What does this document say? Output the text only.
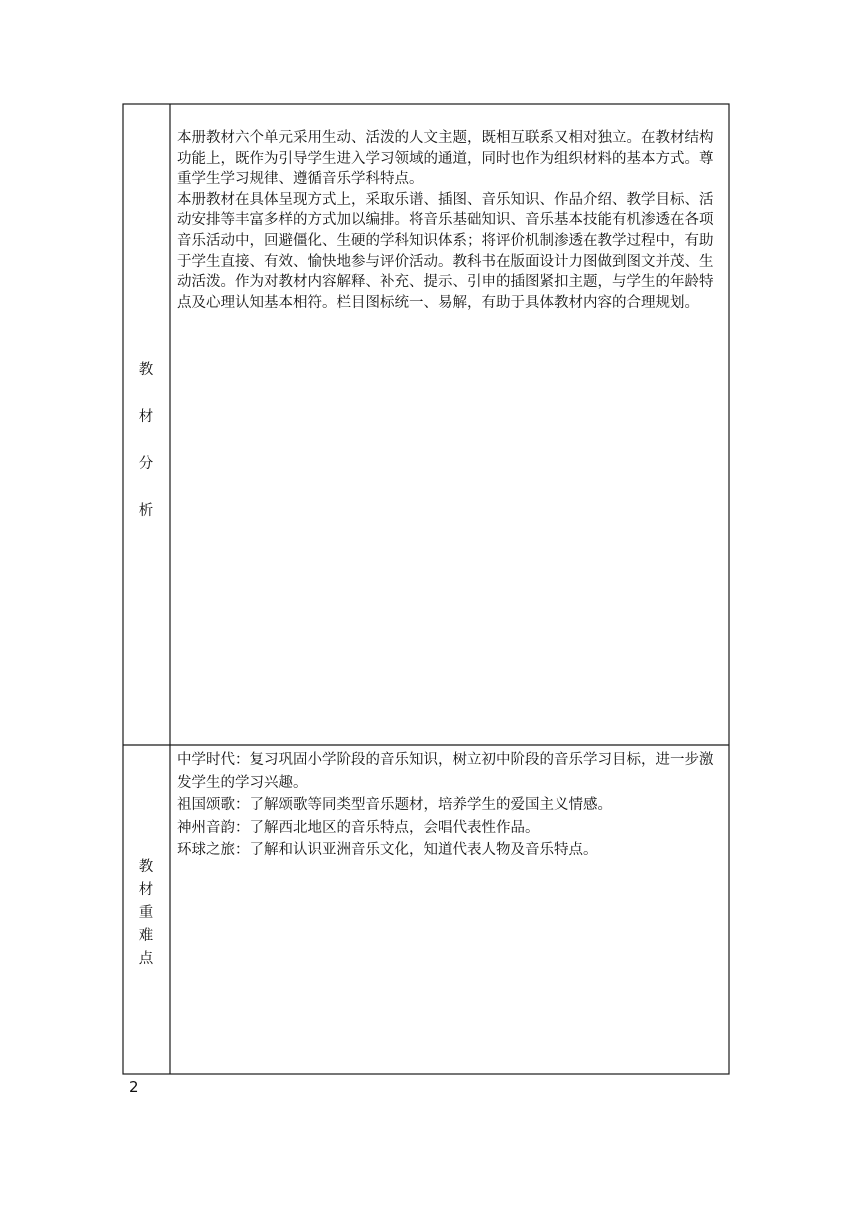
教
材
分
析

本册教材六个单元采用生动、活泼的人文主题，既相互联系又相对独立。在教材结构功能上，既作为引导学生进入学习领域的通道，同时也作为组织材料的基本方式。尊重学生学习规律、遵循音乐学科特点。

本册教材在具体呈现方式上，采取乐谱、插图、音乐知识、作品介绍、教学目标、活动安排等丰富多样的方式加以编排。将音乐基础知识、音乐基本技能有机渗透在各项音乐活动中，回避僵化、生硬的学科知识体系；将评价机制渗透在教学过程中，有助于学生直接、有效、愉快地参与评价活动。教科书在版面设计力图做到图文并茂、生动活泼。作为对教材内容解释、补充、提示、引申的插图紧扣主题，与学生的年龄特点及心理认知基本相符。栏目图标统一、易解，有助于具体教材内容的合理规划。

教
材
重
难
点

中学时代：复习巩固小学阶段的音乐知识，树立初中阶段的音乐学习目标，进一步激发学生的学习兴趣。

祖国颂歌：了解颂歌等同类型音乐题材，培养学生的爱国主义情感。

神州音韵：了解西北地区的音乐特点，会唱代表性作品。

环球之旅：了解和认识亚洲音乐文化，知道代表人物及音乐特点。

2
